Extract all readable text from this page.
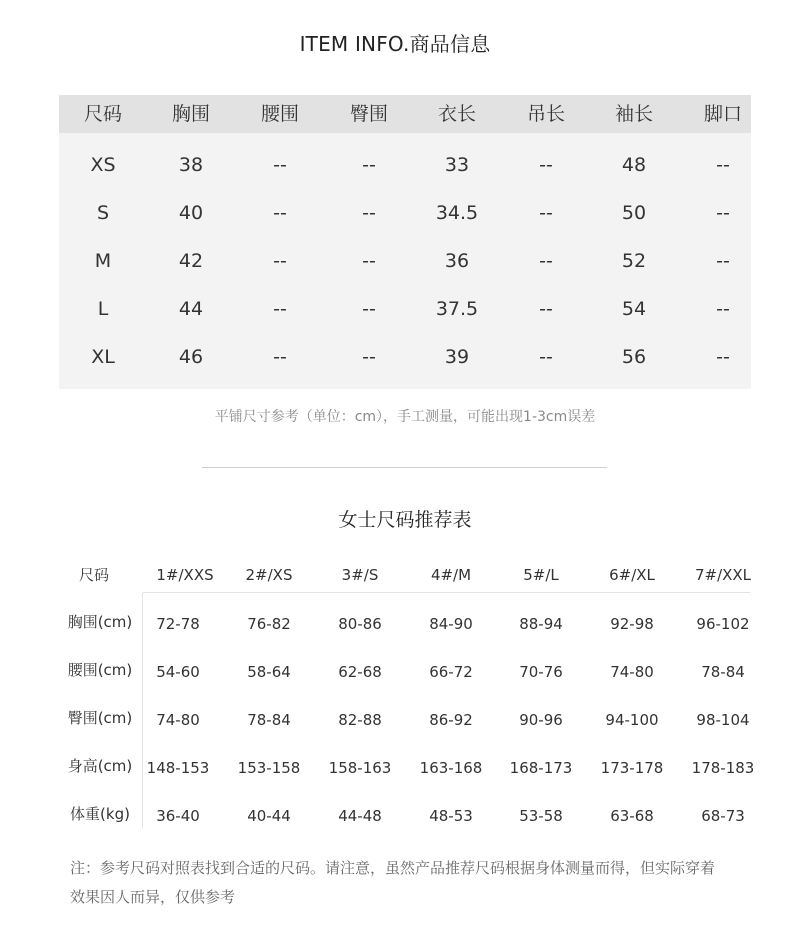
ITEM INFO.商品信息
尺码	胸围	腰围	臀围	衣长	吊长	袖长	脚口
XS	38	--	--	33	--	48	--
S	40	--	--	34.5	--	50	--
M	42	--	--	36	--	52	--
L	44	--	--	37.5	--	54	--
XL	46	--	--	39	--	56	--
平铺尺寸参考（单位：cm），手工测量，可能出现1-3cm误差
女士尺码推荐表
尺码	1#/XXS	2#/XS	3#/S	4#/M	5#/L	6#/XL	7#/XXL
胸围(cm)	72-78	76-82	80-86	84-90	88-94	92-98	96-102
腰围(cm)	54-60	58-64	62-68	66-72	70-76	74-80	78-84
臀围(cm)	74-80	78-84	82-88	86-92	90-96	94-100	98-104
身高(cm) 148-153	153-158	158-163	163-168	168-173	173-178	178-183
体重(kg)	36-40	40-44	44-48	48-53	53-58	63-68	68-73
注：参考尺码对照表找到合适的尺码。请注意，虽然产品推荐尺码根据身体测量而得，但实际穿着
效果因人而异，仅供参考
